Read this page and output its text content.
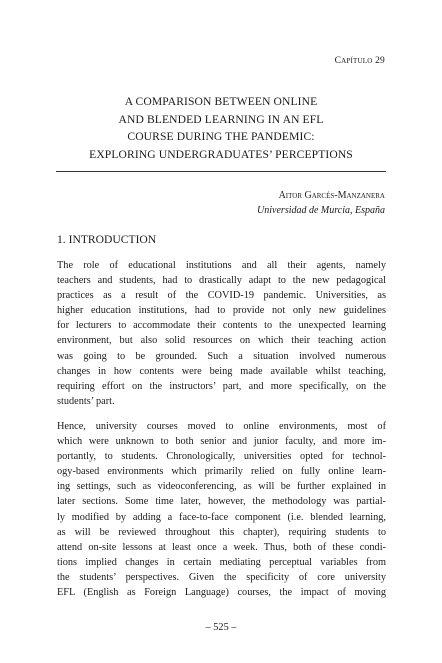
Capítulo 29
A COMPARISON BETWEEN ONLINE
AND BLENDED LEARNING IN AN EFL
COURSE DURING THE PANDEMIC:
EXPLORING UNDERGRADUATES’ PERCEPTIONS
Aitor Garcés-Manzanera
Universidad de Murcia, España
1. INTRODUCTION

The role of educational institutions and all their agents, namely
teachers and students, had to drastically adapt to the new pedagogical
practices as a result of the COVID-19 pandemic. Universities, as
higher education institutions, had to provide not only new guidelines
for lecturers to accommodate their contents to the unexpected learning
environment, but also solid resources on which their teaching action
was going to be grounded. Such a situation involved numerous
changes in how contents were being made available whilst teaching,
requiring effort on the instructors’ part, and more specifically, on the
students’ part.

Hence, university courses moved to online environments, most of
which were unknown to both senior and junior faculty, and more im-
portantly, to students. Chronologically, universities opted for technol-
ogy-based environments which primarily relied on fully online learn-
ing settings, such as videoconferencing, as will be further explained in
later sections. Some time later, however, the methodology was partial-
ly modified by adding a face-to-face component (i.e. blended learning,
as will be reviewed throughout this chapter), requiring students to
attend on-site lessons at least once a week. Thus, both of these condi-
tions implied changes in certain mediating perceptual variables from
the students’ perspectives. Given the specificity of core university
EFL (English as Foreign Language) courses, the impact of moving

– 525 –
